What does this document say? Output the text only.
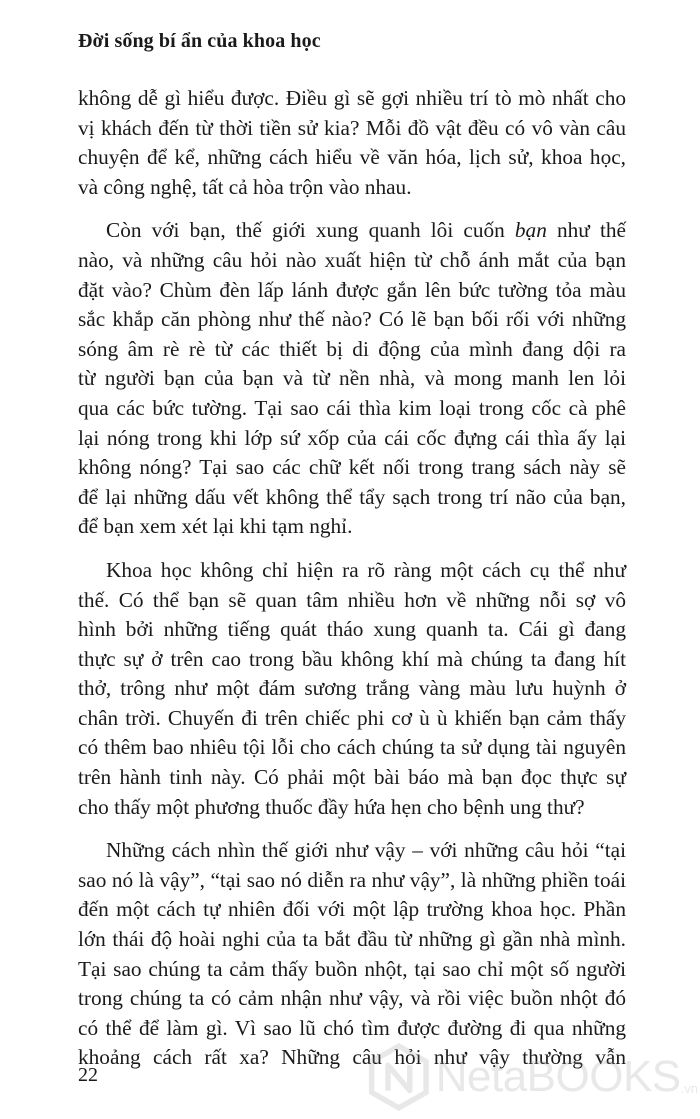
Đời sống bí ẩn của khoa học

không dễ gì hiểu được. Điều gì sẽ gợi nhiều trí tò mò nhất cho
vị khách đến từ thời tiền sử kia? Mỗi đồ vật đều có vô vàn câu
chuyện để kể, những cách hiểu về văn hóa, lịch sử, khoa học,
và công nghệ, tất cả hòa trộn vào nhau.

Còn với bạn, thế giới xung quanh lôi cuốn bạn như thế
nào, và những câu hỏi nào xuất hiện từ chỗ ánh mắt của bạn
đặt vào? Chùm đèn lấp lánh được gắn lên bức tường tỏa màu
sắc khắp căn phòng như thế nào? Có lẽ bạn bối rối với những
sóng âm rè rè từ các thiết bị di động của mình đang dội ra
từ người bạn của bạn và từ nền nhà, và mong manh len lỏi
qua các bức tường. Tại sao cái thìa kim loại trong cốc cà phê
lại nóng trong khi lớp sứ xốp của cái cốc đựng cái thìa ấy lại
không nóng? Tại sao các chữ kết nối trong trang sách này sẽ
để lại những dấu vết không thể tẩy sạch trong trí não của bạn,
để bạn xem xét lại khi tạm nghỉ.

Khoa học không chỉ hiện ra rõ ràng một cách cụ thể như
thế. Có thể bạn sẽ quan tâm nhiều hơn về những nỗi sợ vô
hình bởi những tiếng quát tháo xung quanh ta. Cái gì đang
thực sự ở trên cao trong bầu không khí mà chúng ta đang hít
thở, trông như một đám sương trắng vàng màu lưu huỳnh ở
chân trời. Chuyến đi trên chiếc phi cơ ù ù khiến bạn cảm thấy
có thêm bao nhiêu tội lỗi cho cách chúng ta sử dụng tài nguyên
trên hành tinh này. Có phải một bài báo mà bạn đọc thực sự
cho thấy một phương thuốc đầy hứa hẹn cho bệnh ung thư?

Những cách nhìn thế giới như vậy – với những câu hỏi “tại
sao nó là vậy”, “tại sao nó diễn ra như vậy”, là những phiền toái
đến một cách tự nhiên đối với một lập trường khoa học. Phần
lớn thái độ hoài nghi của ta bắt đầu từ những gì gần nhà mình.
Tại sao chúng ta cảm thấy buồn nhột, tại sao chỉ một số người
trong chúng ta có cảm nhận như vậy, và rồi việc buồn nhột đó
có thể để làm gì. Vì sao lũ chó tìm được đường đi qua những
khoảng cách rất xa? Những câu hỏi như vậy thường vẫn

22	NetaBOOKS .vn
